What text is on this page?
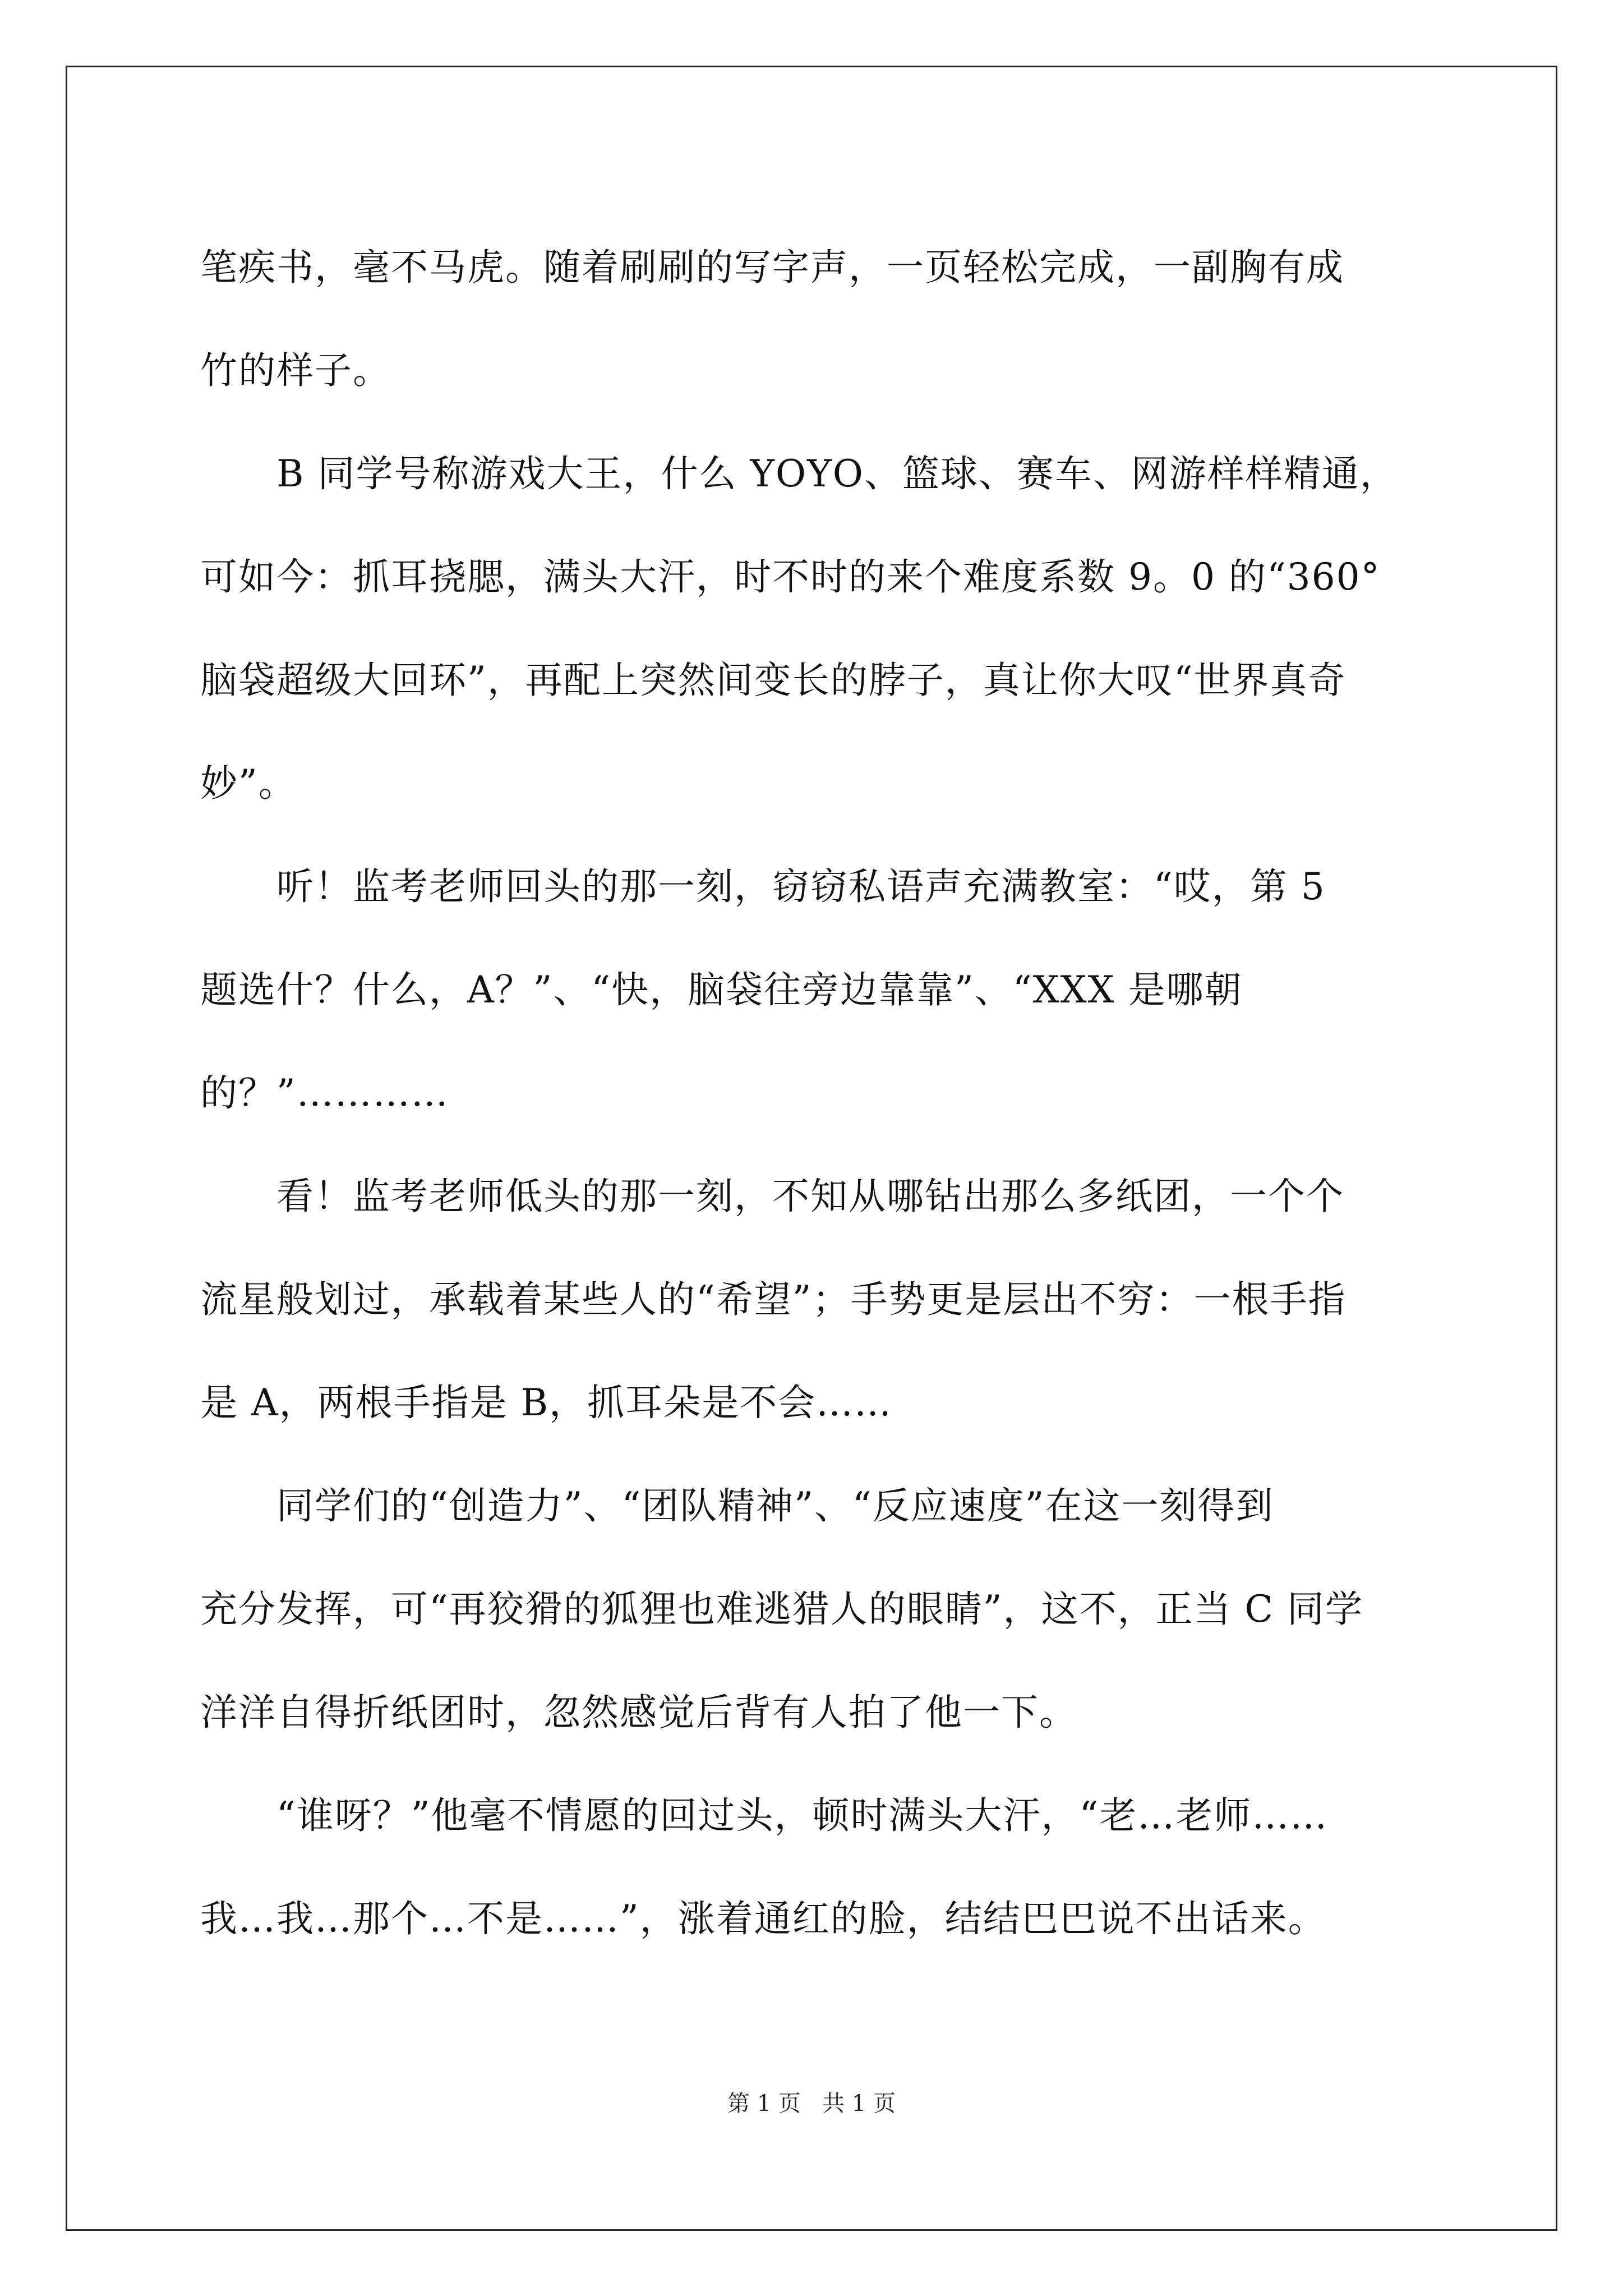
笔疾书，毫不马虎。随着刷刷的写字声，一页轻松完成，一副胸有成
竹的样子。
B 同学号称游戏大王，什么 YOYO、篮球、赛车、网游样样精通，
可如今：抓耳挠腮，满头大汗，时不时的来个难度系数 9。0 的“360°
脑袋超级大回环”，再配上突然间变长的脖子，真让你大叹“世界真奇
妙”。
听！监考老师回头的那一刻，窃窃私语声充满教室：“哎，第 5
题选什？什么，A？”、“快，脑袋往旁边靠靠”、“XXX 是哪朝
的？”…………
看！监考老师低头的那一刻，不知从哪钻出那么多纸团，一个个
流星般划过，承载着某些人的“希望”；手势更是层出不穷：一根手指
是 A，两根手指是 B，抓耳朵是不会……
同学们的“创造力”、“团队精神”、“反应速度”在这一刻得到
充分发挥，可“再狡猾的狐狸也难逃猎人的眼睛”，这不，正当 C 同学
洋洋自得折纸团时，忽然感觉后背有人拍了他一下。
“谁呀？”他毫不情愿的回过头，顿时满头大汗，“老…老师……
我…我…那个…不是……”，涨着通红的脸，结结巴巴说不出话来。
第 1 页   共 1 页
